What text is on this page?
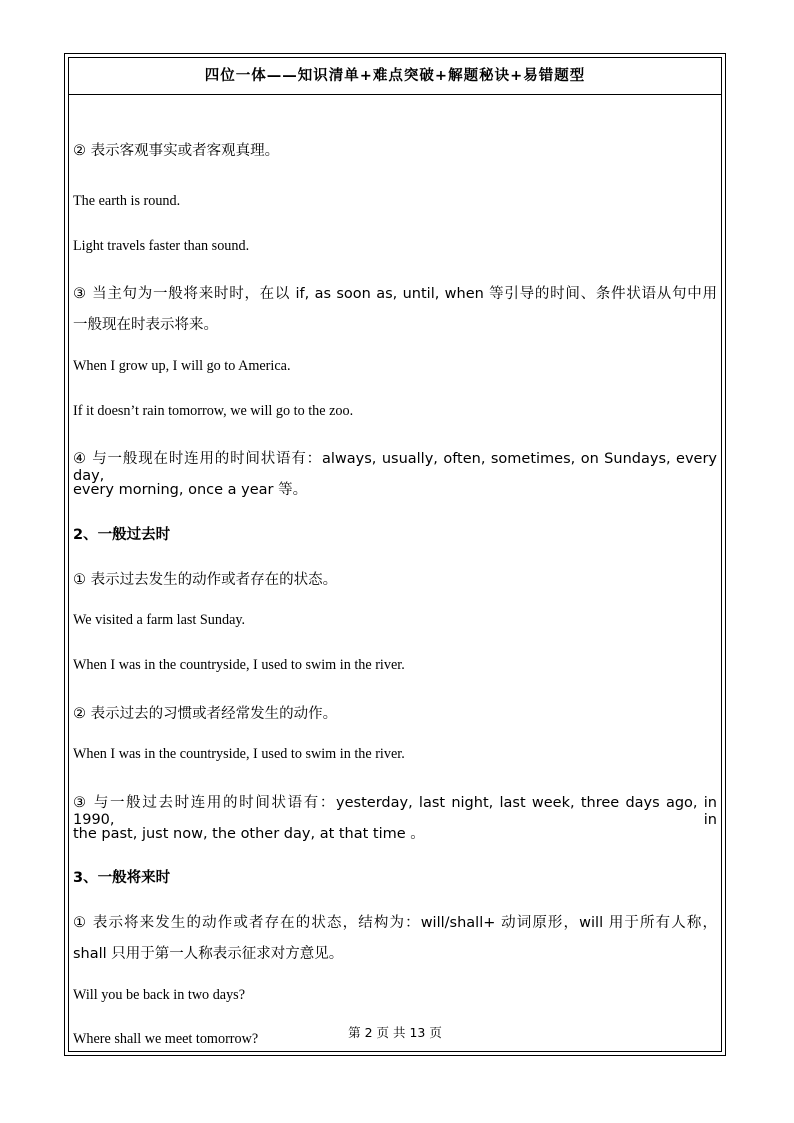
四位一体——知识清单+难点突破+解题秘诀+易错题型
② 表示客观事实或者客观真理。
The earth is round.
Light travels faster than sound.
③ 当主句为一般将来时时，在以 if, as soon as, until, when 等引导的时间、条件状语从句中用
一般现在时表示将来。
When I grow up, I will go to America.
If it doesn’t rain tomorrow, we will go to the zoo.
④ 与一般现在时连用的时间状语有：always, usually, often, sometimes, on Sundays, every day,
every morning, once a year 等。
2、一般过去时
① 表示过去发生的动作或者存在的状态。
We visited a farm last Sunday.
When I was in the countryside, I used to swim in the river.
② 表示过去的习惯或者经常发生的动作。
When I was in the countryside, I used to swim in the river.
③ 与一般过去时连用的时间状语有：yesterday, last night, last week, three days ago, in 1990, in
the past, just now, the other day, at that time 。
3、一般将来时
① 表示将来发生的动作或者存在的状态，结构为：will/shall+ 动词原形，will 用于所有人称，
shall 只用于第一人称表示征求对方意见。
Will you be back in two days?
Where shall we meet tomorrow?	第 2 页 共 13 页
